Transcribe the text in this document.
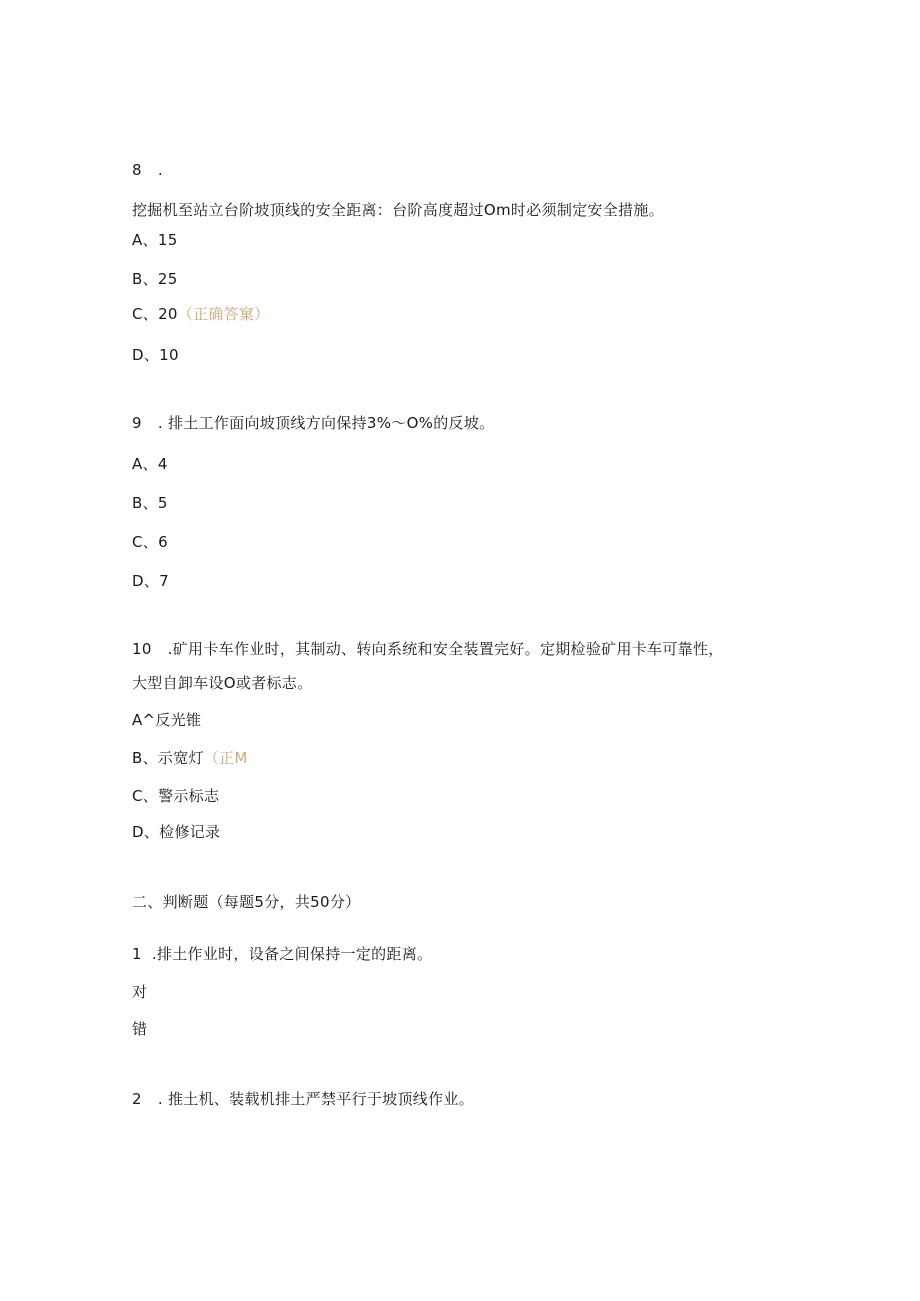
8 .
挖掘机至站立台阶坡顶线的安全距离：台阶高度超过Om时必须制定安全措施。
A、15
B、25
C、20（正确答窠）
D、10
9 . 排土工作面向坡顶线方向保持3%～O%的反坡。
A、4
B、5
C、6
D、7
10 .矿用卡车作业时，其制动、转向系统和安全装置完好。定期检验矿用卡车可靠性，
大型自卸车设O或者标志。
A^反光锥
B、示宽灯（正M
C、警示标志
D、检修记录
二、判断题（每题5分，共50分）
1 .排土作业时，设备之间保持一定的距离。
对
错
2 . 推土机、装载机排土严禁平行于坡顶线作业。
